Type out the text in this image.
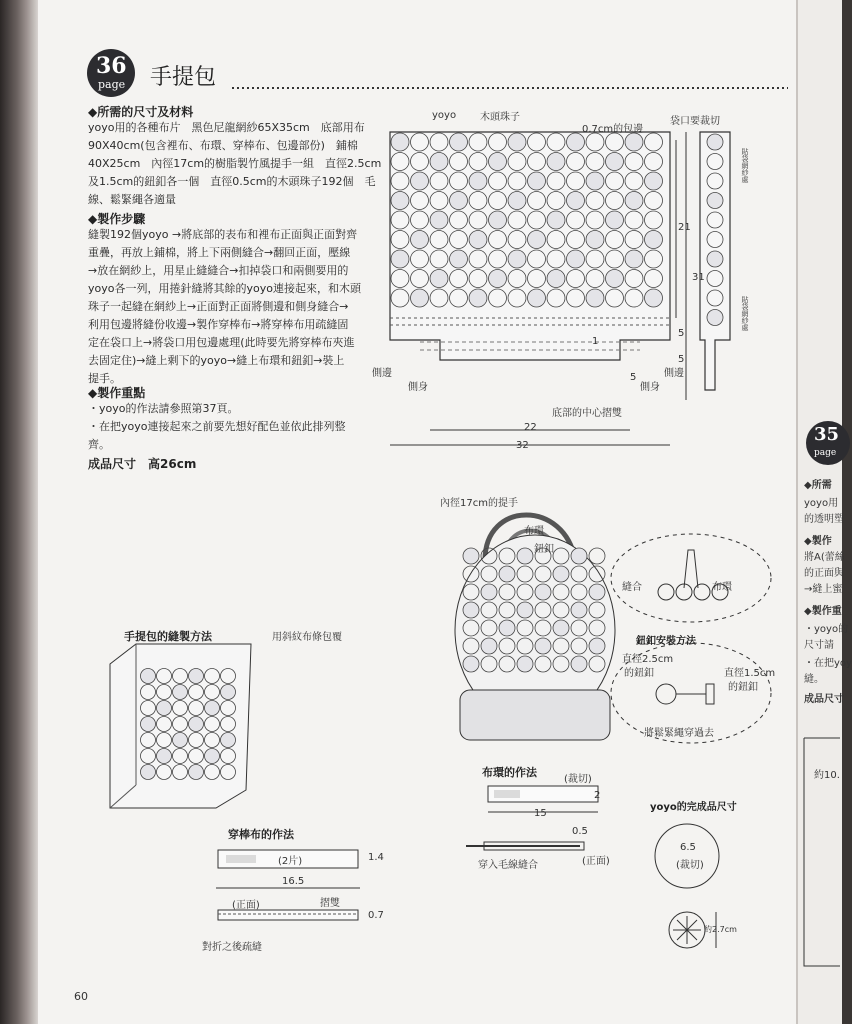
36
page 手提包
◆所需的尺寸及材料
yoyo用的各種布片　黑色尼龍網紗65X35cm　底部用布
90X40cm(包含裡布、布環、穿棒布、包邊部份)　鋪棉
40X25cm　內徑17cm的樹脂製竹風提手一組　直徑2.5cm
及1.5cm的鈕釦各一個　直徑0.5cm的木頭珠子192個　毛
線、鬆緊繩各適量
◆製作步驟
縫製192個yoyo →將底部的表布和裡布正面與正面對齊
重疊，再放上鋪棉，將上下兩側縫合→翻回正面，壓線
→放在網紗上，用星止縫縫合→扣掉袋口和兩側要用的
yoyo各一列，用捲針縫將其餘的yoyo連接起來，和木頭
珠子一起縫在網紗上→正面對正面將側邊和側身縫合→
利用包邊將縫份收邊→製作穿棒布→將穿棒布用疏縫固
定在袋口上→將袋口用包邊處理(此時要先將穿棒布夾進
去固定住)→縫上剩下的yoyo→縫上布環和鈕釦→裝上
提手。
◆製作重點
・yoyo的作法請參照第37頁。
・在把yoyo連接起來之前要先想好配色並依此排列整
齊。
成品尺寸　 高26cm
yoyo 木頭珠子
0.7cm的包邊
袋口要裁切
21
31
5
5
5
1
側邊
側身	側身
側邊
底部的中心摺雙
22
32
貼袋網紗處
貼袋網紗處
內徑17cm的提手
布環
鈕釦
縫合	布環
鈕釦安裝方法
直徑2.5cm
的鈕釦	直徑1.5cm
的鈕釦
將鬆緊繩穿過去
手提包的縫製方法	用斜紋布條包覆
穿棒布的作法
(2片)	1.4
16.5
(正面)	摺雙
0.7
對折之後疏縫
布環的作法
(裁切)
2
15
0.5
穿入毛線縫合	(正面)
yoyo的完成品尺寸
6.5
(裁切)
約2.7cm
35
page
◆所需
yoyo用
的透明塑
◆製作
將A(蕾絲
的正面與
→縫上蜜
◆製作重
・yoyo的
尺寸請
・在把yoy
縫。
成品尺寸
約10.
60
